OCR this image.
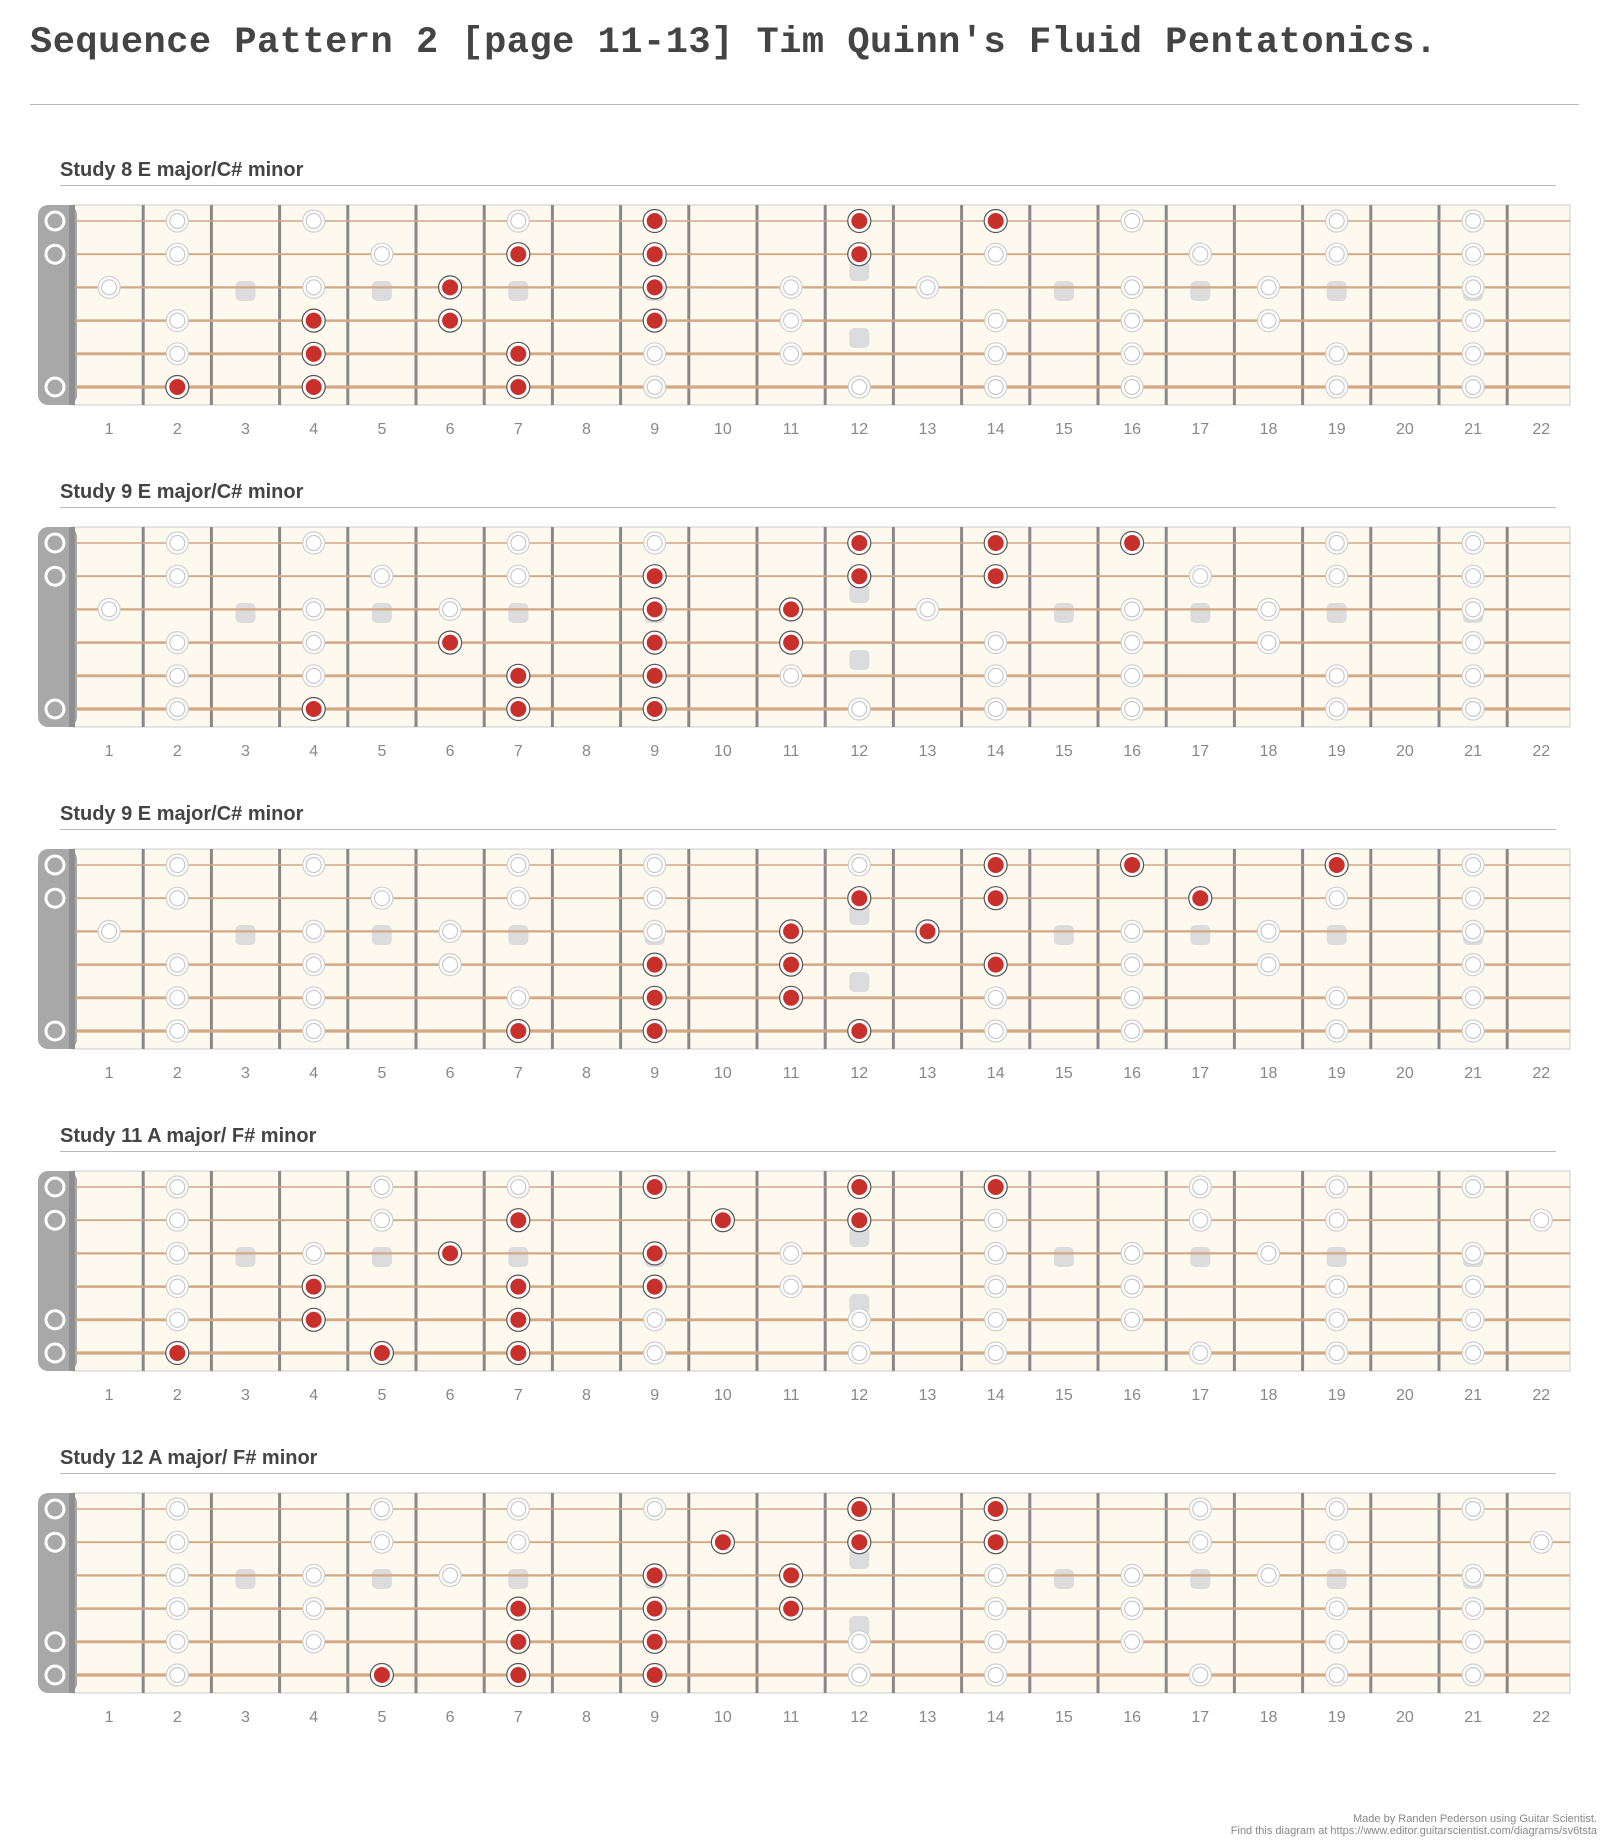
Sequence Pattern 2 [page 11-13] Tim Quinn's Fluid Pentatonics.
Study 8 E major/C# minor
1	2	3	4	5	6	7	8	9	10	11	12	13	14	15	16	17	18	19	20	21	22
Study 9 E major/C# minor
1	2	3	4	5	6	7	8	9	10	11	12	13	14	15	16	17	18	19	20	21	22
Study 9 E major/C# minor
1	2	3	4	5	6	7	8	9	10	11	12	13	14	15	16	17	18	19	20	21	22
Study 11 A major/ F# minor
1	2	3	4	5	6	7	8	9	10	11	12	13	14	15	16	17	18	19	20	21	22
Study 12 A major/ F# minor
1	2	3	4	5	6	7	8	9	10	11	12	13	14	15	16	17	18	19	20	21	22
Made by Randen Pederson using Guitar Scientist.
Find this diagram at https://www.editor.guitarscientist.com/diagrams/sv6tsta
